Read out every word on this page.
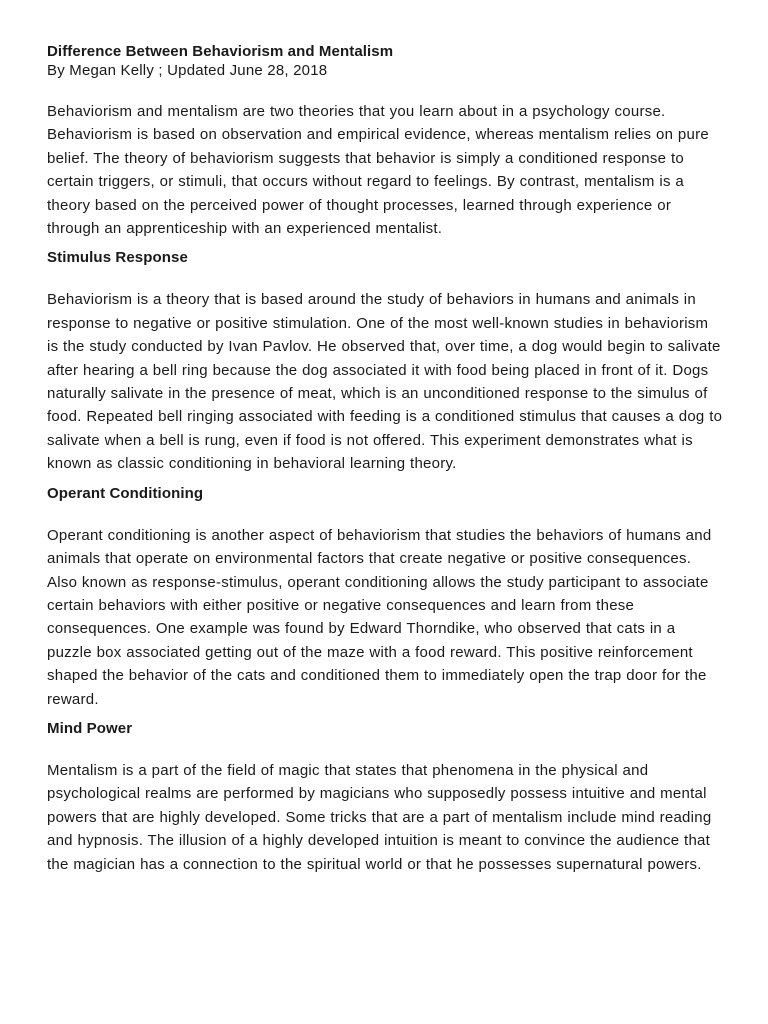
Difference Between Behaviorism and Mentalism

By Megan Kelly ; Updated June 28, 2018

Behaviorism and mentalism are two theories that you learn about in a psychology course. Behaviorism is based on observation and empirical evidence, whereas mentalism relies on pure belief. The theory of behaviorism suggests that behavior is simply a conditioned response to certain triggers, or stimuli, that occurs without regard to feelings. By contrast, mentalism is a theory based on the perceived power of thought processes, learned through experience or through an apprenticeship with an experienced mentalist.

Stimulus Response

Behaviorism is a theory that is based around the study of behaviors in humans and animals in response to negative or positive stimulation. One of the most well-known studies in behaviorism is the study conducted by Ivan Pavlov. He observed that, over time, a dog would begin to salivate after hearing a bell ring because the dog associated it with food being placed in front of it. Dogs naturally salivate in the presence of meat, which is an unconditioned response to the simulus of food. Repeated bell ringing associated with feeding is a conditioned stimulus that causes a dog to salivate when a bell is rung, even if food is not offered. This experiment demonstrates what is known as classic conditioning in behavioral learning theory.

Operant Conditioning

Operant conditioning is another aspect of behaviorism that studies the behaviors of humans and animals that operate on environmental factors that create negative or positive consequences. Also known as response-stimulus, operant conditioning allows the study participant to associate certain behaviors with either positive or negative consequences and learn from these consequences. One example was found by Edward Thorndike, who observed that cats in a puzzle box associated getting out of the maze with a food reward. This positive reinforcement shaped the behavior of the cats and conditioned them to immediately open the trap door for the reward.

Mind Power

Mentalism is a part of the field of magic that states that phenomena in the physical and psychological realms are performed by magicians who supposedly possess intuitive and mental powers that are highly developed. Some tricks that are a part of mentalism include mind reading and hypnosis. The illusion of a highly developed intuition is meant to convince the audience that the magician has a connection to the spiritual world or that he possesses supernatural powers.
